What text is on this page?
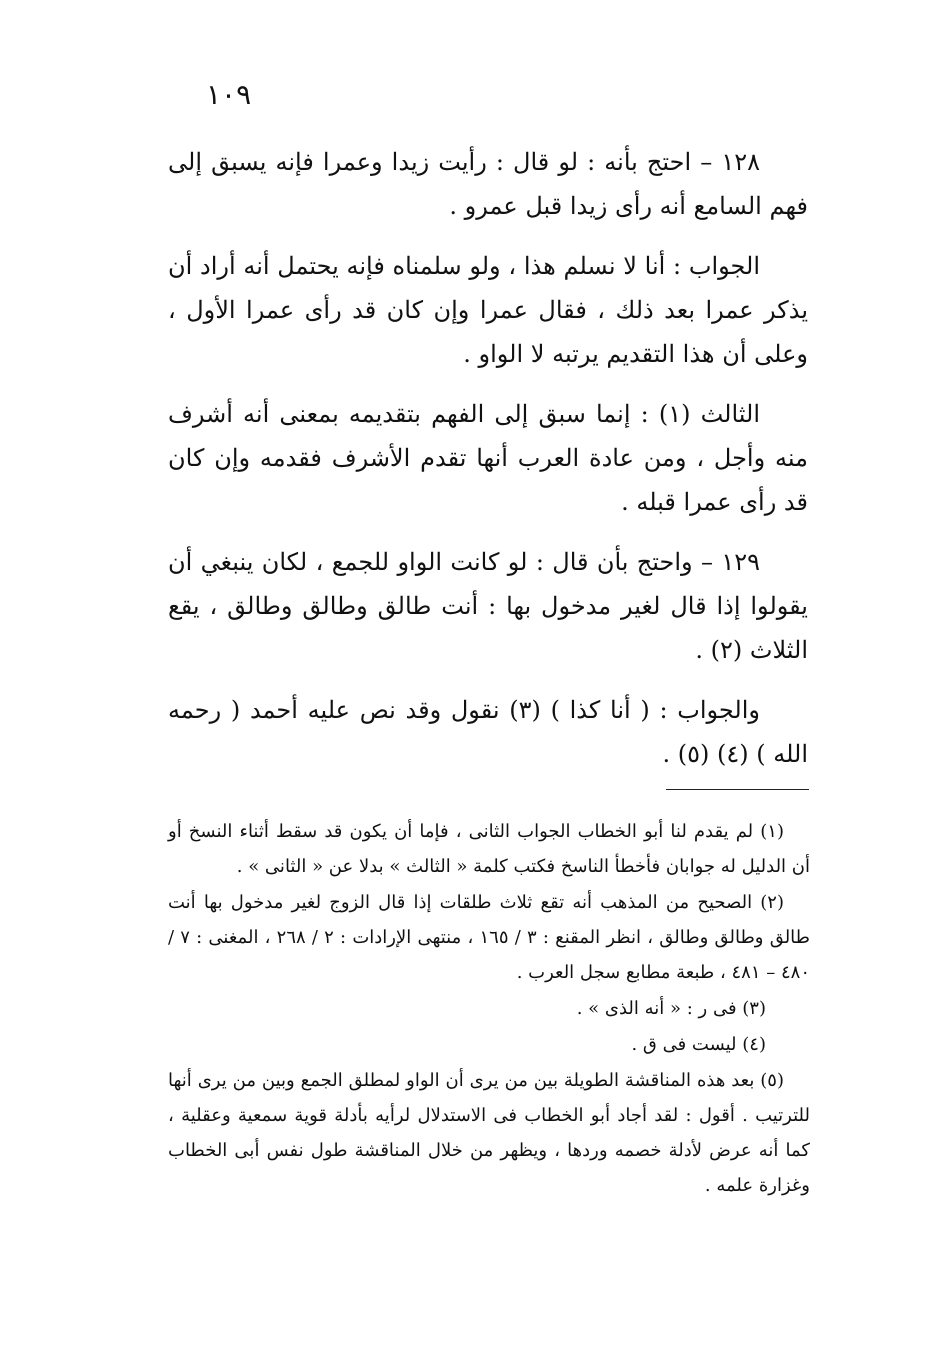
١٠٩

١٢٨ – احتج بأنه : لو قال : رأيت زيدا وعمرا فإنه يسبق إلى فهم السامع أنه رأى زيدا قبل عمرو .

الجواب : أنا لا نسلم هذا ، ولو سلمناه فإنه يحتمل أنه أراد أن يذكر عمرا بعد ذلك ، فقال عمرا وإن كان قد رأى عمرا الأول ، وعلى أن هذا التقديم يرتبه لا الواو .

الثالث (١) : إنما سبق إلى الفهم بتقديمه بمعنى أنه أشرف منه وأجل ، ومن عادة العرب أنها تقدم الأشرف فقدمه وإن كان قد رأى عمرا قبله .

١٢٩ – واحتج بأن قال : لو كانت الواو للجمع ، لكان ينبغي أن يقولوا إذا قال لغير مدخول بها : أنت طالق وطالق وطالق ، يقع الثلاث (٢) .

والجواب : ( أنا كذا ) (٣) نقول وقد نص عليه أحمد ( رحمه الله ) (٤) (٥) .

(١) لم يقدم لنا أبو الخطاب الجواب الثانى ، فإما أن يكون قد سقط أثناء النسخ أو أن الدليل له جوابان فأخطأ الناسخ فكتب كلمة « الثالث » بدلا عن « الثانى » .

(٢) الصحيح من المذهب أنه تقع ثلاث طلقات إذا قال الزوج لغير مدخول بها أنت طالق وطالق وطالق ، انظر المقنع : ٣ / ١٦٥ ، منتهى الإرادات : ٢ / ٢٦٨ ، المغنى : ٧ / ٤٨٠ – ٤٨١ ، طبعة مطابع سجل العرب .

(٣) فى ر : « أنه الذى » .

(٤) ليست فى ق .

(٥) بعد هذه المناقشة الطويلة بين من يرى أن الواو لمطلق الجمع وبين من يرى أنها للترتيب . أقول : لقد أجاد أبو الخطاب فى الاستدلال لرأيه بأدلة قوية سمعية وعقلية ، كما أنه عرض لأدلة خصمه وردها ، ويظهر من خلال المناقشة طول نفس أبى الخطاب وغزارة علمه .
